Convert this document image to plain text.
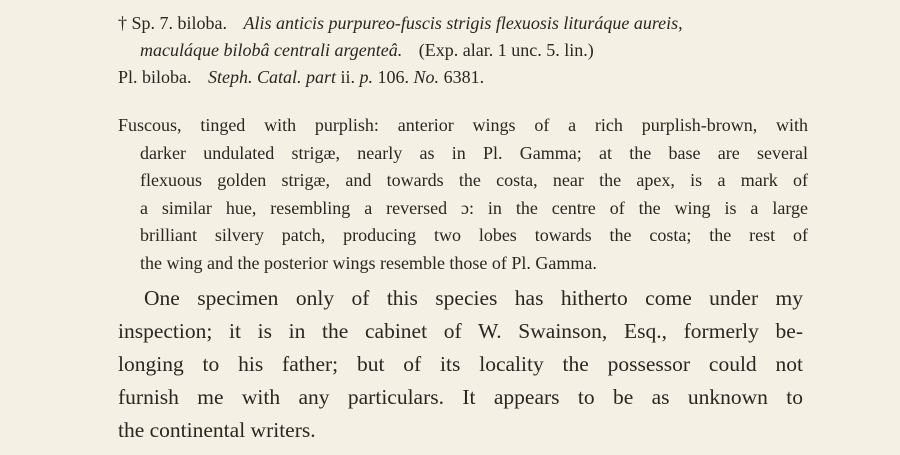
† Sp. 7. biloba. Alis anticis purpureo-fuscis strigis flexuosis lituráque aureis,
maculáque bilobâ centrali argenteâ. (Exp. alar. 1 unc. 5. lin.)
Pl. biloba. Steph. Catal. part ii. p. 106. No. 6381.
Fuscous, tinged with purplish: anterior wings of a rich purplish-brown, with
darker undulated strigæ, nearly as in Pl. Gamma; at the base are several
flexuous golden strigæ, and towards the costa, near the apex, is a mark of
a similar hue, resembling a reversed ɔ: in the centre of the wing is a large
brilliant silvery patch, producing two lobes towards the costa; the rest of
the wing and the posterior wings resemble those of Pl. Gamma.
One specimen only of this species has hitherto come under my
inspection; it is in the cabinet of W. Swainson, Esq., formerly be-
longing to his father; but of its locality the possessor could not
furnish me with any particulars. It appears to be as unknown to
the continental writers.
